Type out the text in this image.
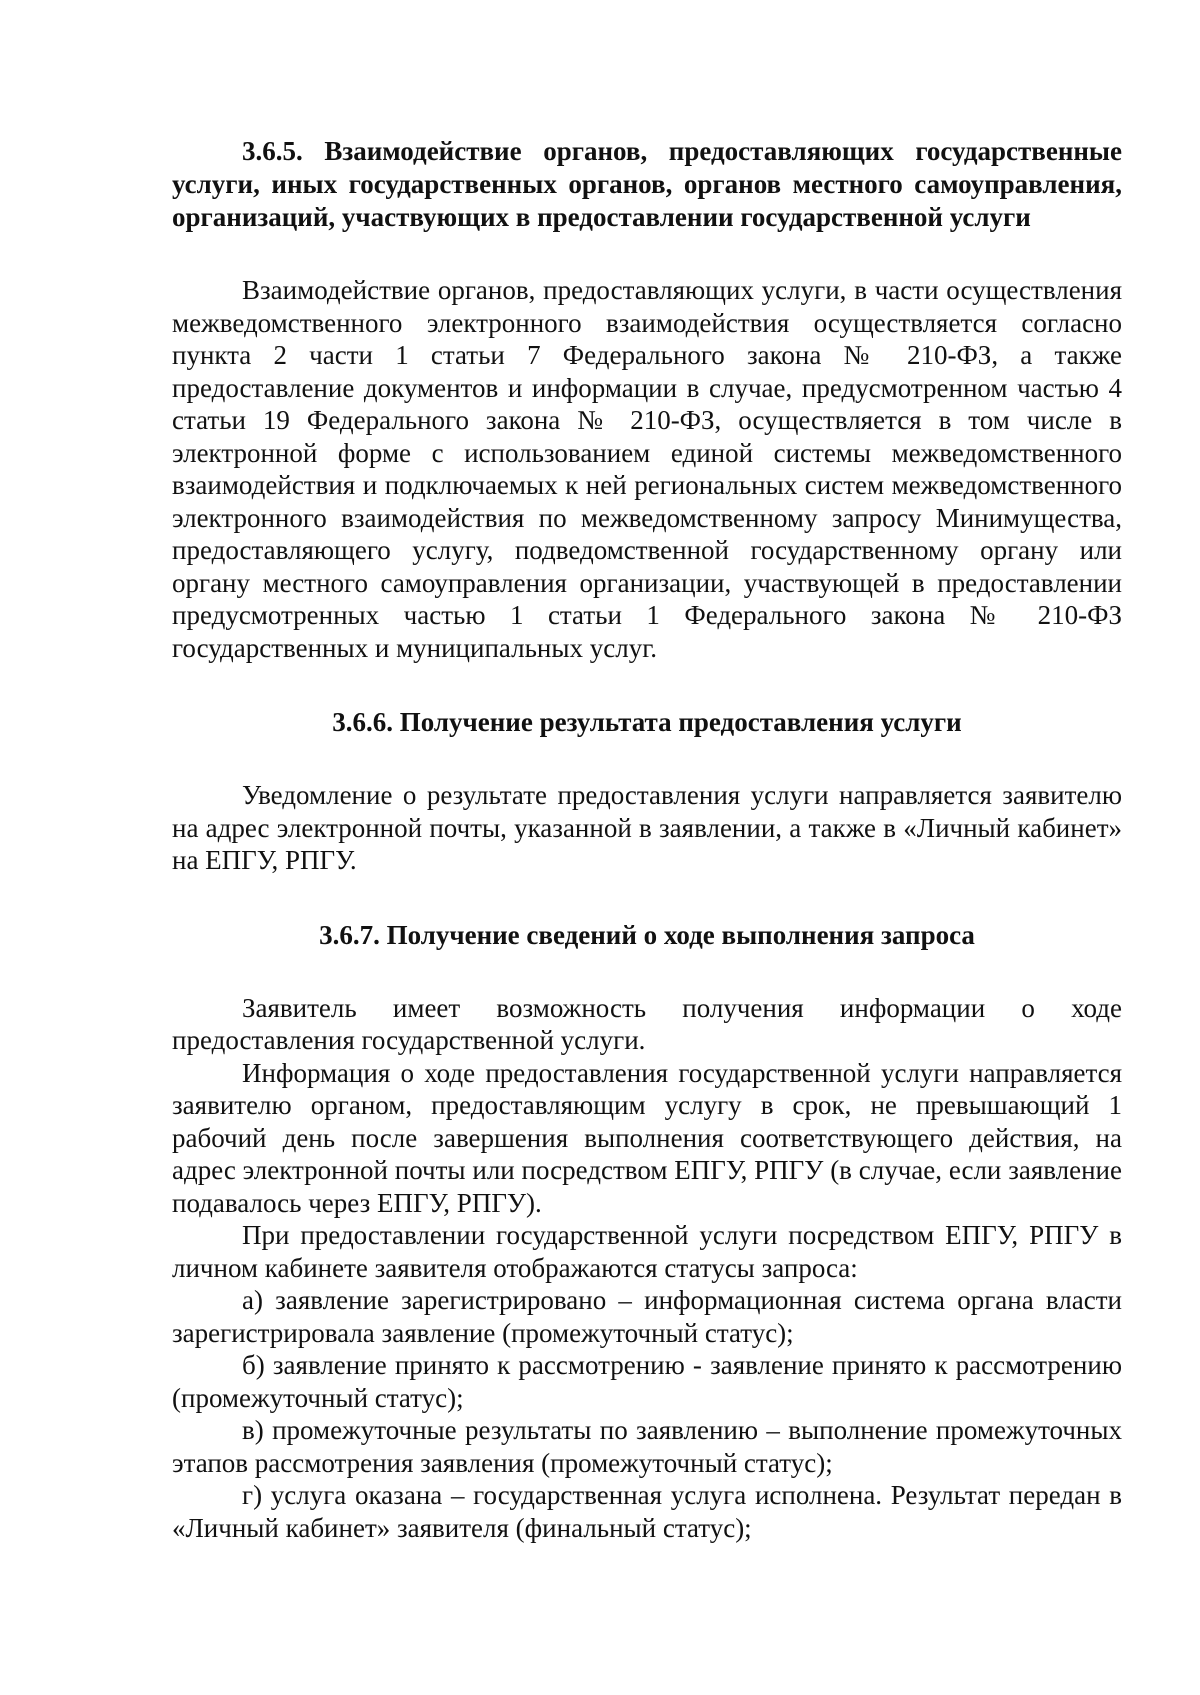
3.6.5. Взаимодействие органов, предоставляющих государственные услуги, иных государственных органов, органов местного самоуправления, организаций, участвующих в предоставлении государственной услуги

Взаимодействие органов, предоставляющих услуги, в части осуществления межведомственного электронного взаимодействия осуществляется согласно пункта 2 части 1 статьи 7 Федерального закона № 210-ФЗ, а также предоставление документов и информации в случае, предусмотренном частью 4 статьи 19 Федерального закона № 210-ФЗ, осуществляется в том числе в электронной форме с использованием единой системы межведомственного взаимодействия и подключаемых к ней региональных систем межведомственного электронного взаимодействия по межведомственному запросу Минимущества, предоставляющего услугу, подведомственной государственному органу или органу местного самоуправления организации, участвующей в предоставлении предусмотренных частью 1 статьи 1 Федерального закона № 210-ФЗ государственных и муниципальных услуг.

3.6.6. Получение результата предоставления услуги

Уведомление о результате предоставления услуги направляется заявителю на адрес электронной почты, указанной в заявлении, а также в «Личный кабинет» на ЕПГУ, РПГУ.

3.6.7. Получение сведений о ходе выполнения запроса

Заявитель имеет возможность получения информации о ходе предоставления государственной услуги.

Информация о ходе предоставления государственной услуги направляется заявителю органом, предоставляющим услугу в срок, не превышающий 1 рабочий день после завершения выполнения соответствующего действия, на адрес электронной почты или посредством ЕПГУ, РПГУ (в случае, если заявление подавалось через ЕПГУ, РПГУ).

При предоставлении государственной услуги посредством ЕПГУ, РПГУ в личном кабинете заявителя отображаются статусы запроса:

а) заявление зарегистрировано – информационная система органа власти зарегистрировала заявление (промежуточный статус);

б) заявление принято к рассмотрению - заявление принято к рассмотрению (промежуточный статус);

в) промежуточные результаты по заявлению – выполнение промежуточных этапов рассмотрения заявления (промежуточный статус);

г) услуга оказана – государственная услуга исполнена. Результат передан в «Личный кабинет» заявителя (финальный статус);
